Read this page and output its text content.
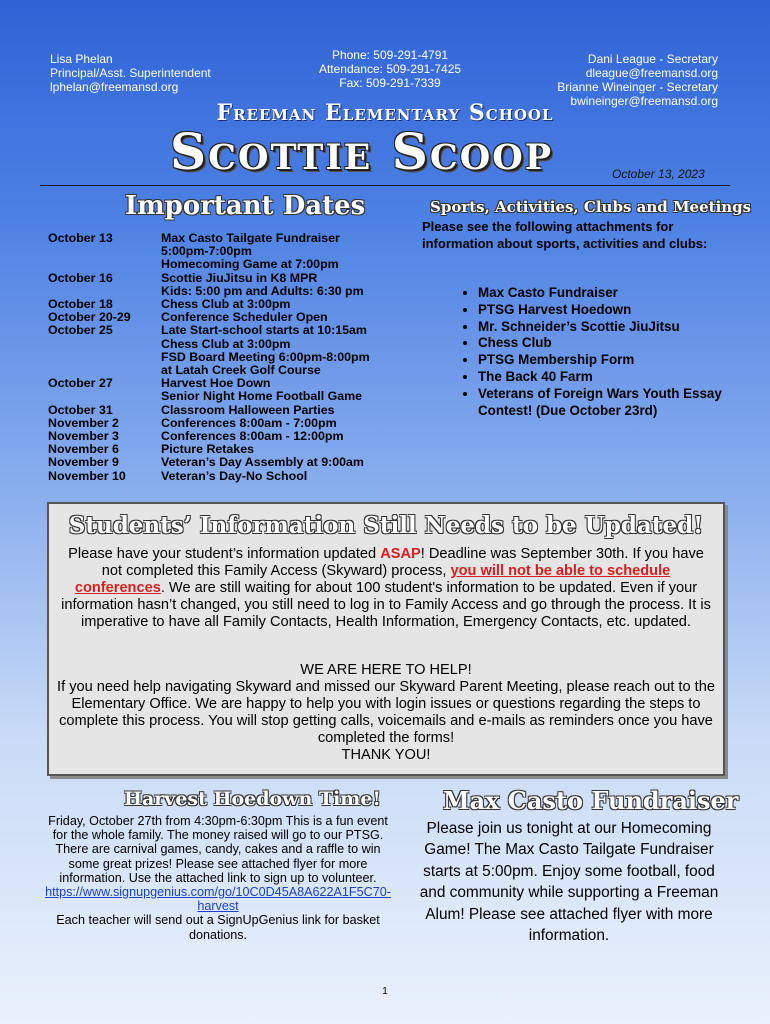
Lisa Phelan
Principal/Asst. Superintendent
lphelan@freemansd.org
Phone: 509-291-4791
Attendance: 509-291-7425
Fax: 509-291-7339
Dani League - Secretary
dleague@freemansd.org
Brianne Wineinger - Secretary
bwineinger@freemansd.org
Freeman Elementary School
Scottie Scoop	October 13, 2023
Important Dates
October 13	Max Casto Tailgate Fundraiser
5:00pm-7:00pm
Homecoming Game at 7:00pm
October 16	Scottie JiuJitsu in K8 MPR
Kids: 5:00 pm and Adults: 6:30 pm
October 18	Chess Club at 3:00pm
October 20-29	Conference Scheduler Open
October 25	Late Start-school starts at 10:15am
Chess Club at 3:00pm
FSD Board Meeting 6:00pm-8:00pm
at Latah Creek Golf Course
October 27	Harvest Hoe Down
Senior Night Home Football Game
October 31	Classroom Halloween Parties
November 2	Conferences 8:00am - 7:00pm
November 3	Conferences 8:00am - 12:00pm
November 6	Picture Retakes
November 9	Veteran’s Day Assembly at 9:00am
November 10	Veteran’s Day-No School
Sports, Activities, Clubs and Meetings
Please see the following attachments for information about sports, activities and clubs:
• Max Casto Fundraiser
• PTSG Harvest Hoedown
• Mr. Schneider’s Scottie JiuJitsu
• Chess Club
• PTSG Membership Form
• The Back 40 Farm
• Veterans of Foreign Wars Youth Essay Contest! (Due October 23rd)
Students’ Information Still Needs to be Updated!
Please have your student’s information updated ASAP! Deadline was September 30th. If you have not completed this Family Access (Skyward) process, you will not be able to schedule conferences. We are still waiting for about 100 student's information to be updated. Even if your information hasn’t changed, you still need to log in to Family Access and go through the process. It is imperative to have all Family Contacts, Health Information, Emergency Contacts, etc. updated.
WE ARE HERE TO HELP!
If you need help navigating Skyward and missed our Skyward Parent Meeting, please reach out to the Elementary Office. We are happy to help you with login issues or questions regarding the steps to complete this process. You will stop getting calls, voicemails and e-mails as reminders once you have completed the forms!
THANK YOU!
Harvest Hoedown Time!
Friday, October 27th from 4:30pm-6:30pm This is a fun event for the whole family. The money raised will go to our PTSG. There are carnival games, candy, cakes and a raffle to win some great prizes! Please see attached flyer for more information. Use the attached link to sign up to volunteer. https://www.signupgenius.com/go/10C0D45A8A622A1F5C70-harvest
Each teacher will send out a SignUpGenius link for basket donations.
Max Casto Fundraiser
Please join us tonight at our Homecoming Game! The Max Casto Tailgate Fundraiser starts at 5:00pm. Enjoy some football, food and community while supporting a Freeman Alum! Please see attached flyer with more information.
1
